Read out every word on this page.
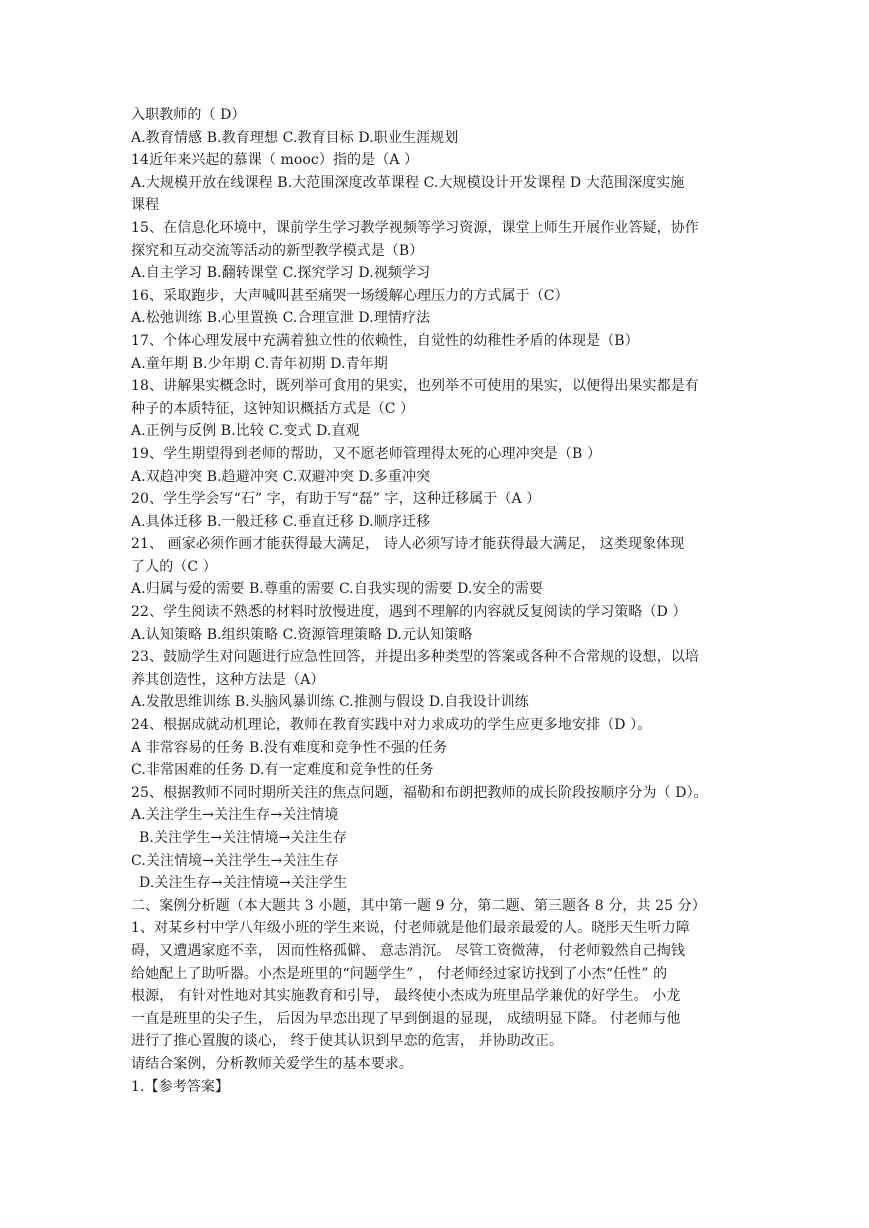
入职教师的（ D）
A.教育情感 B.教育理想 C.教育目标 D.职业生涯规划
14近年来兴起的慕课（ mooc）指的是（A ）
A.大规模开放在线课程 B.大范围深度改革课程 C.大规模设计开发课程 D 大范围深度实施
课程
15、在信息化环境中，课前学生学习教学视频等学习资源，课堂上师生开展作业答疑，协作
探究和互动交流等活动的新型教学模式是（B）
A.自主学习 B.翻转课堂 C.探究学习 D.视频学习
16、采取跑步，大声喊叫甚至痛哭一场缓解心理压力的方式属于（C）
A.松弛训练 B.心里置换 C.合理宣泄 D.理情疗法
17、个体心理发展中充满着独立性的依赖性，自觉性的幼稚性矛盾的体现是（B）
A.童年期 B.少年期 C.青年初期 D.青年期
18、讲解果实概念时，既列举可食用的果实，也列举不可使用的果实，以便得出果实都是有
种子的本质特征，这钟知识概括方式是（C ）
A.正例与反例 B.比较 C.变式 D.直观
19、学生期望得到老师的帮助，又不愿老师管理得太死的心理冲突是（B ）
A.双趋冲突 B.趋避冲突 C.双避冲突 D.多重冲突
20、学生学会写“石” 字，有助于写“磊” 字，这种迁移属于（A ）
A.具体迁移 B.一般迁移 C.垂直迁移 D.顺序迁移
21、 画家必须作画才能获得最大满足， 诗人必须写诗才能获得最大满足， 这类现象体现
了人的（C ）
A.归属与爱的需要 B.尊重的需要 C.自我实现的需要 D.安全的需要
22、学生阅读不熟悉的材料时放慢进度，遇到不理解的内容就反复阅读的学习策略（D ）
A.认知策略 B.组织策略 C.资源管理策略 D.元认知策略
23、鼓励学生对问题进行应急性回答，并提出多种类型的答案或各种不合常规的设想，以培
养其创造性，这种方法是（A）
A.发散思维训练 B.头脑风暴训练 C.推测与假设 D.自我设计训练
24、根据成就动机理论，教师在教育实践中对力求成功的学生应更多地安排（D ）。
A 非常容易的任务 B.没有难度和竞争性不强的任务
C.非常困难的任务 D.有一定难度和竞争性的任务
25、根据教师不同时期所关注的焦点问题，福勒和布朗把教师的成长阶段按顺序分为（ D）。
A.关注学生→关注生存→关注情境
B.关注学生→关注情境→关注生存
C.关注情境→关注学生→关注生存
D.关注生存→关注情境→关注学生
二、案例分析题（本大题共 3 小题，其中第一题 9 分，第二题、第三题各 8 分，共 25 分）
1、对某乡村中学八年级小班的学生来说，付老师就是他们最亲最爱的人。晓彤天生听力障
碍，又遭遇家庭不幸， 因而性格孤僻、 意志消沉。 尽管工资微薄， 付老师毅然自己掏钱
给她配上了助听器。小杰是班里的“问题学生” ， 付老师经过家访找到了小杰“任性” 的
根源， 有针对性地对其实施教育和引导， 最终使小杰成为班里品学兼优的好学生。 小龙
一直是班里的尖子生， 后因为早恋出现了早到倒退的显现， 成绩明显下降。 付老师与他
进行了推心置腹的谈心， 终于使其认识到早恋的危害， 并协助改正。
请结合案例，分析教师关爱学生的基本要求。
1.【参考答案】
